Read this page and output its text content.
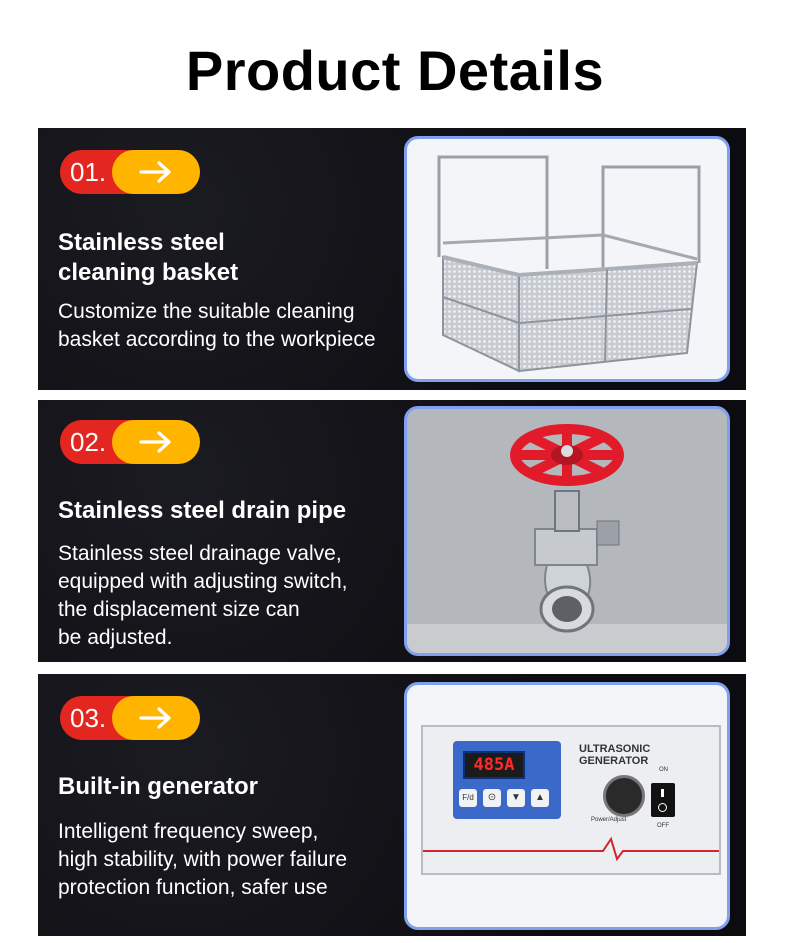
Product Details
01.
Stainless steel
cleaning basket
Customize the suitable cleaning
basket according to the workpiece
02.
Stainless steel drain pipe
Stainless steel drainage valve,
equipped with adjusting switch,
the displacement size can
be adjusted.
03.
Built-in generator
Intelligent frequency sweep,
high stability, with power failure
protection function, safer use
485A
F/d	⊙	▼	▲
ULTRASONIC GENERATOR
Power/Adjust
ON
OFF
